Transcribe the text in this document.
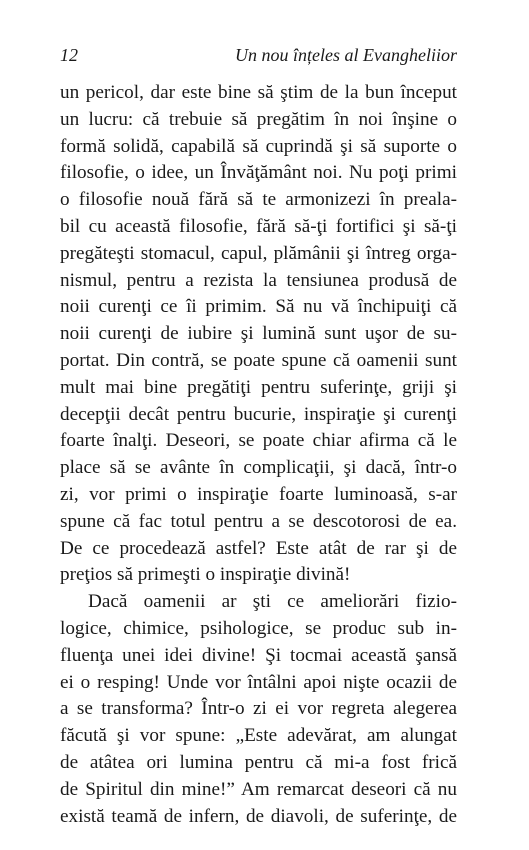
12	Un nou înțeles al Evangheliior
un pericol, dar este bine să ştim de la bun început
un lucru: că trebuie să pregătim în noi înşine o
formă solidă, capabilă să cuprindă şi să suporte o
filosofie, o idee, un Învăţământ noi. Nu poţi primi
o filosofie nouă fără să te armonizezi în preala-
bil cu această filosofie, fără să-ţi fortifici şi să-ţi
pregăteşti stomacul, capul, plămânii şi întreg orga-
nismul, pentru a rezista la tensiunea produsă de
noii curenţi ce îi primim. Să nu vă închipuiţi că
noii curenţi de iubire şi lumină sunt uşor de su-
portat. Din contră, se poate spune că oamenii sunt
mult mai bine pregătiţi pentru suferinţe, griji şi
decepţii decât pentru bucurie, inspiraţie şi curenţi
foarte înalţi. Deseori, se poate chiar afirma că le
place să se avânte în complicaţii, şi dacă, într-o
zi, vor primi o inspiraţie foarte luminoasă, s-ar
spune că fac totul pentru a se descotorosi de ea.
De ce procedează astfel? Este atât de rar şi de
preţios să primeşti o inspiraţie divină!
Dacă oamenii ar şti ce ameliorări fiziо-
logice, chimice, psihologice, se produc sub in-
fluenţa unei idei divine! Şi tocmai această şansă
ei o resping! Unde vor întâlni apoi nişte ocazii de
a se transforma? Într-o zi ei vor regreta alegerea
făcută şi vor spune: „Este adevărat, am alungat
de atâtea ori lumina pentru că mi-a fost frică
de Spiritul din mine!” Am remarcat deseori că nu
există teamă de infern, de diavoli, de suferinţe, de
